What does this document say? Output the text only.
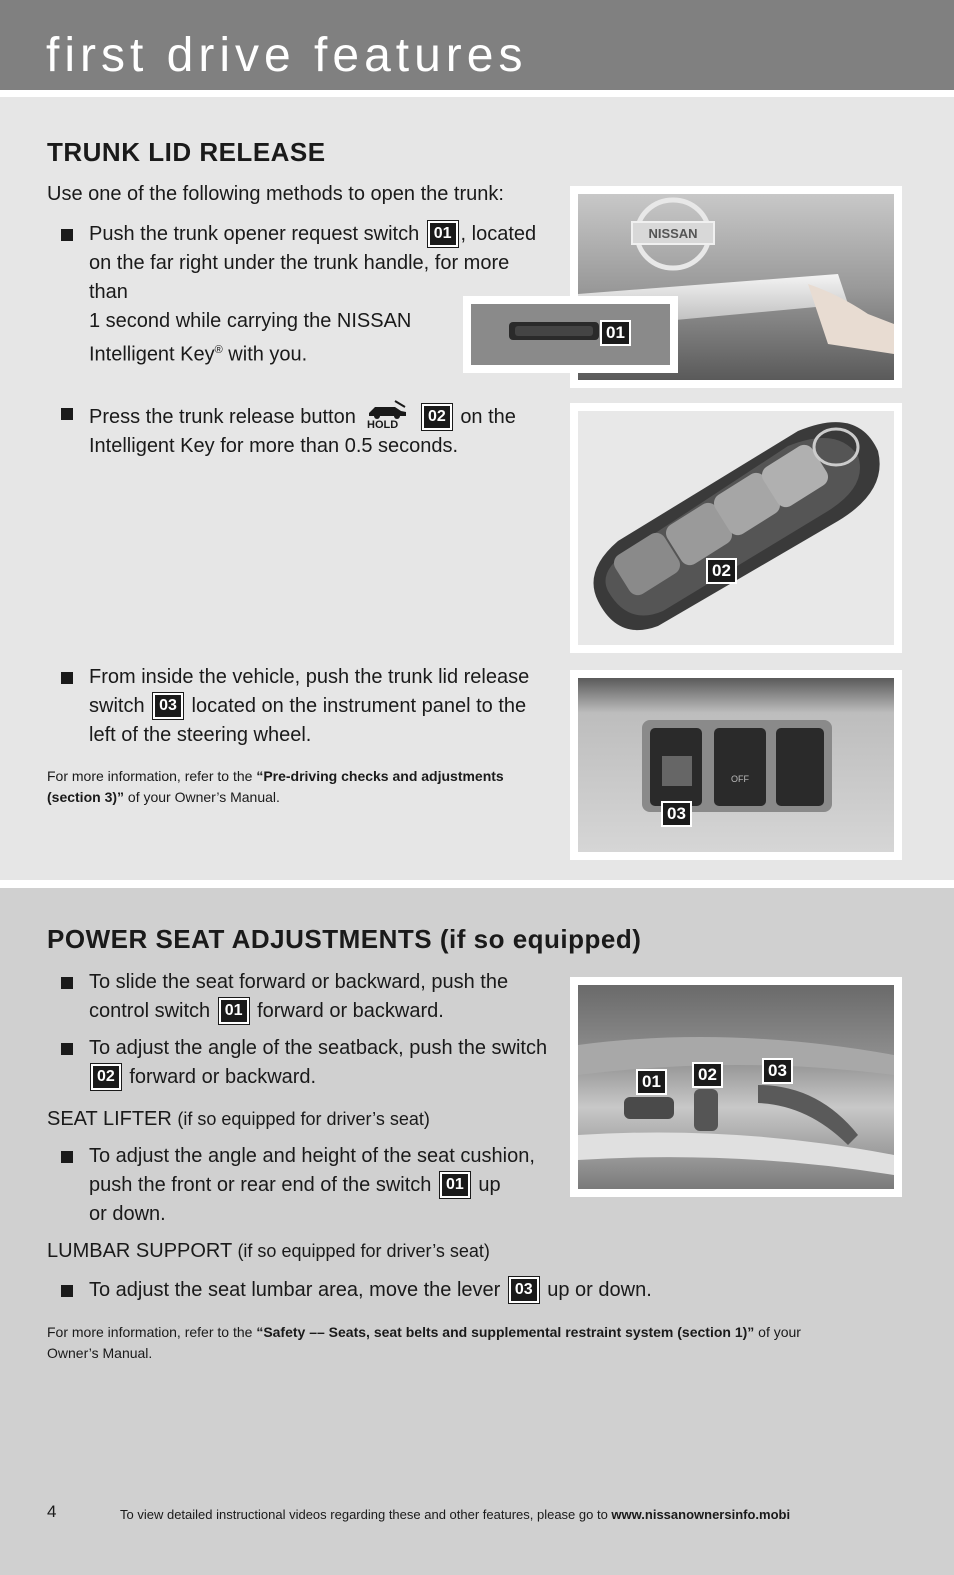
first drive features
TRUNK LID RELEASE

Use one of the following methods to open the trunk:

Push the trunk opener request switch 01 , located
on the far right under the trunk handle, for more than
1 second while carrying the NISSAN
Intelligent Key® with you.

Press the trunk release button HOLD 02 on the
Intelligent Key for more than 0.5 seconds.

From inside the vehicle, push the trunk lid release
switch 03 located on the instrument panel to the
left of the steering wheel.

For more information, refer to the “Pre-driving checks and adjustments
(section 3)” of your Owner’s Manual.
NISSAN
01
02
OFF
03
POWER SEAT ADJUSTMENTS (if so equipped)

To slide the seat forward or backward, push the
control switch 01 forward or backward.

To adjust the angle of the seatback, push the switch
02 forward or backward.

SEAT LIFTER (if so equipped for driver’s seat)

To adjust the angle and height of the seat cushion,
push the front or rear end of the switch 01 up
or down.

LUMBAR SUPPORT (if so equipped for driver’s seat)

To adjust the seat lumbar area, move the lever 03 up or down.

For more information, refer to the “Safety –– Seats, seat belts and supplemental restraint system (section 1)” of your
Owner’s Manual.
01	02	03
4	To view detailed instructional videos regarding these and other features, please go to www.nissanownersinfo.mobi
